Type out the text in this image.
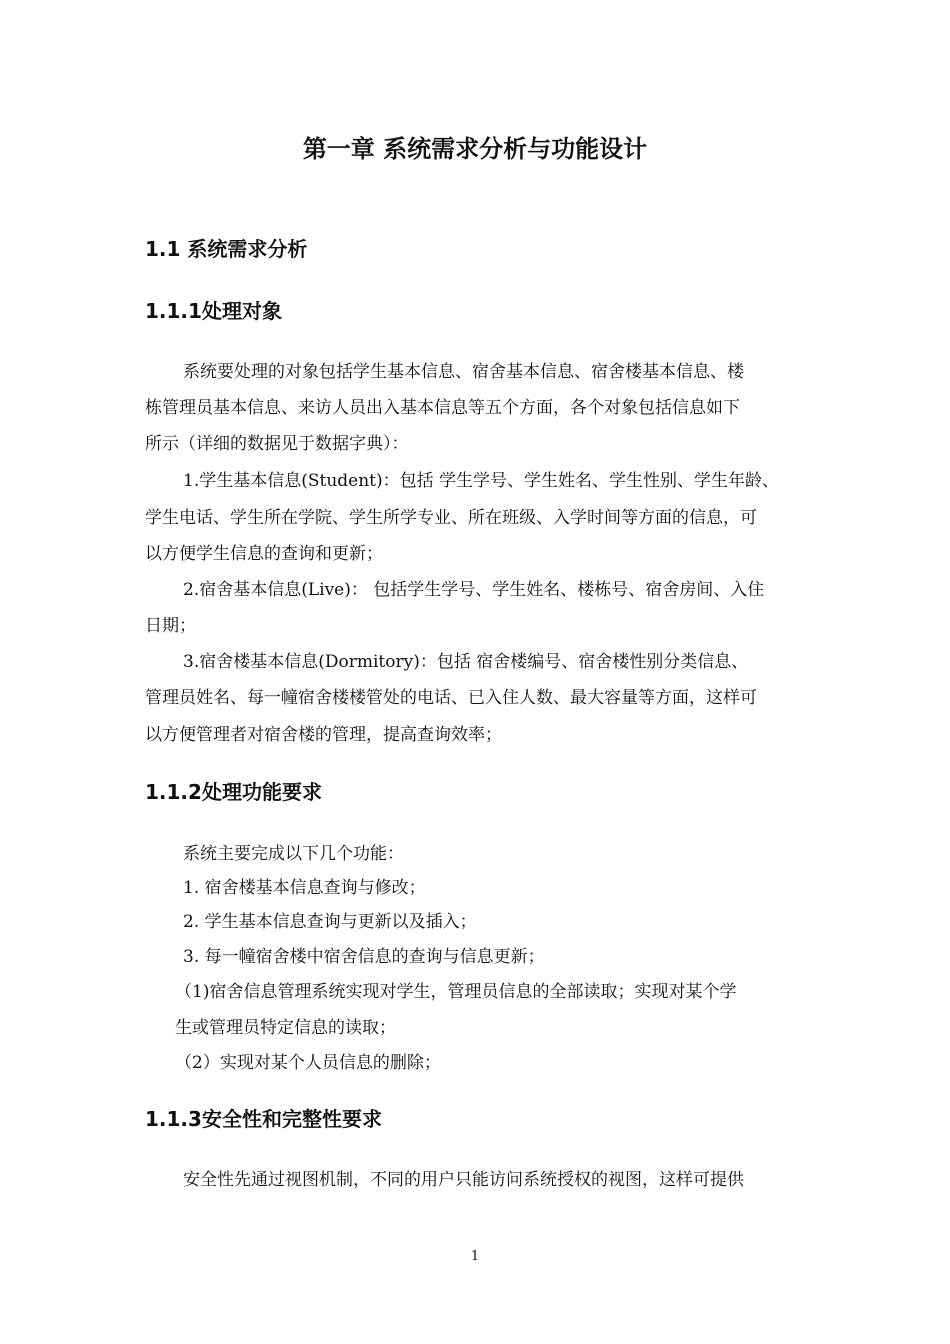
第一章 系统需求分析与功能设计
1.1 系统需求分析
1.1.1处理对象

系统要处理的对象包括学生基本信息、宿舍基本信息、宿舍楼基本信息、楼

栋管理员基本信息、来访人员出入基本信息等五个方面，各个对象包括信息如下

所示（详细的数据见于数据字典）：

1.学生基本信息(Student)：包括 学生学号、学生姓名、学生性别、学生年龄、

学生电话、学生所在学院、学生所学专业、所在班级、入学时间等方面的信息，可

以方便学生信息的查询和更新；

2.宿舍基本信息(Live)： 包括学生学号、学生姓名、楼栋号、宿舍房间、入住

日期；

3.宿舍楼基本信息(Dormitory)：包括 宿舍楼编号、宿舍楼性别分类信息、

管理员姓名、每一幢宿舍楼楼管处的电话、已入住人数、最大容量等方面，这样可

以方便管理者对宿舍楼的管理，提高查询效率；

1.1.2处理功能要求

系统主要完成以下几个功能：

1. 宿舍楼基本信息查询与修改；

2. 学生基本信息查询与更新以及插入；

3. 每一幢宿舍楼中宿舍信息的查询与信息更新；

（1)宿舍信息管理系统实现对学生，管理员信息的全部读取；实现对某个学

生或管理员特定信息的读取；

（2）实现对某个人员信息的删除；

1.1.3安全性和完整性要求

安全性先通过视图机制，不同的用户只能访问系统授权的视图，这样可提供

1
